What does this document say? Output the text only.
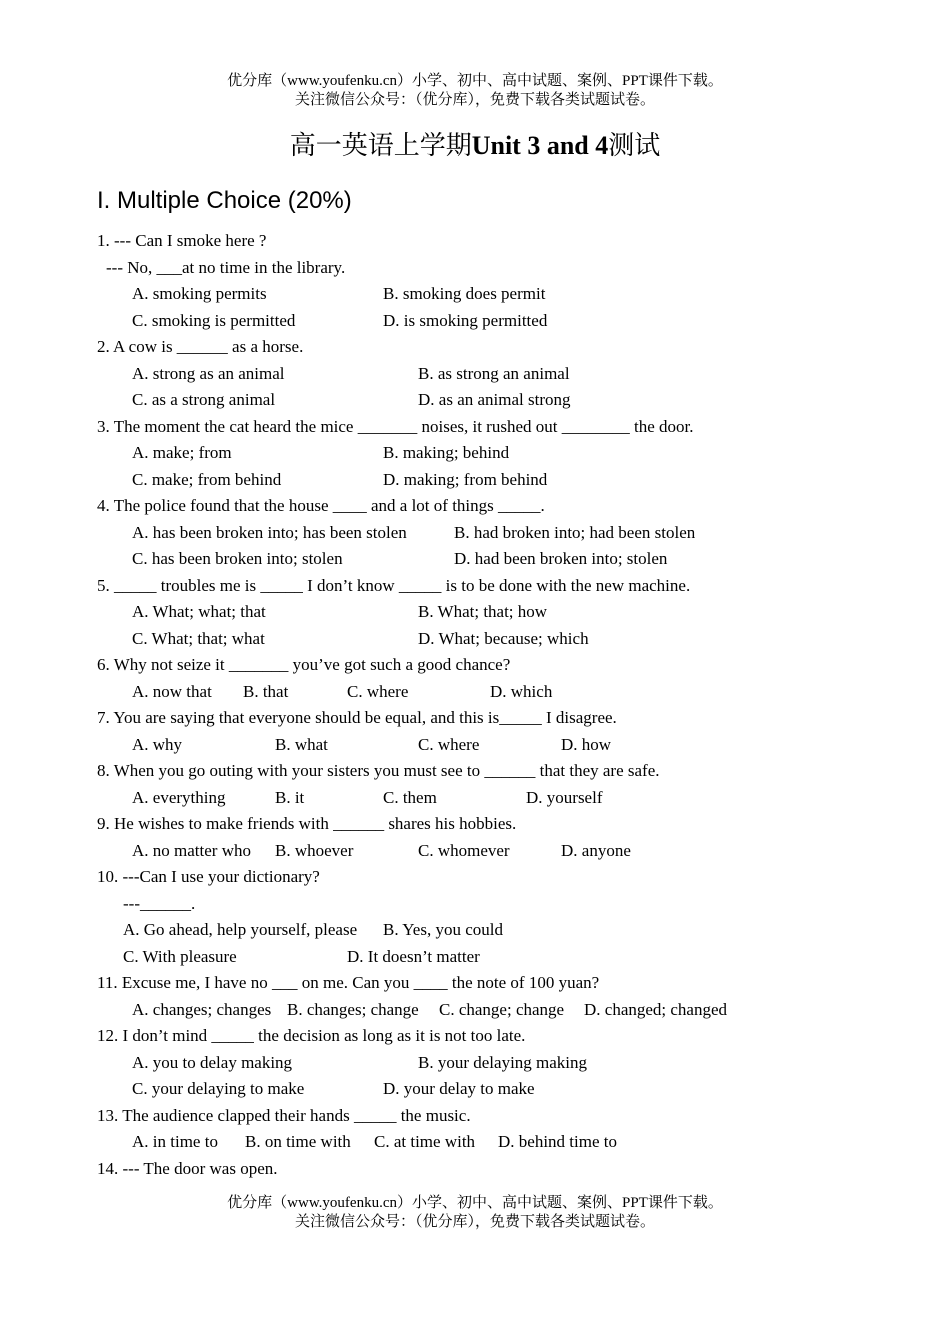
优分库（www.youfenku.cn）小学、初中、高中试题、案例、PPT课件下载。
关注微信公众号：（优分库），免费下载各类试题试卷。
高一英语上学期Unit 3 and 4测试
I. Multiple Choice (20%)
1. --- Can I smoke here ?
--- No, ___at no time in the library.
A. smoking permits	B. smoking does permit
C. smoking is permitted	D. is smoking permitted
2. A cow is ______ as a horse.
A. strong as an animal	B. as strong an animal
C. as a strong animal	D. as an animal strong
3. The moment the cat heard the mice _______ noises, it rushed out ________ the door.
A. make; from	B. making; behind
C. make; from behind	D. making; from behind
4. The police found that the house ____ and a lot of things _____.
A. has been broken into; has been stolen	B. had broken into; had been stolen
C. has been broken into; stolen	D. had been broken into; stolen
5. _____ troubles me is _____ I don’t know _____ is to be done with the new machine.
A. What; what; that	B. What; that; how
C. What; that; what	D. What; because; which
6. Why not seize it _______ you’ve got such a good chance?
A. now that B. that	C. where	D. which
7. You are saying that everyone should be equal, and this is_____ I disagree.
A. why	B. what	C. where	D. how
8. When you go outing with your sisters you must see to ______ that they are safe.
A. everything	B. it	C. them	D. yourself
9. He wishes to make friends with ______ shares his hobbies.
A. no matter who B. whoever	C. whomever	D. anyone
10. ---Can I use your dictionary?
---______.
A. Go ahead, help yourself, please B. Yes, you could
C. With pleasure	D. It doesn’t matter
11. Excuse me, I have no ___ on me. Can you ____ the note of 100 yuan?
A. changes; changes B. changes; change C. change; change D. changed; changed
12. I don’t mind _____ the decision as long as it is not too late.
A. you to delay making	B. your delaying making
C. your delaying to make	D. your delay to make
13. The audience clapped their hands _____ the music.
A. in time to B. on time with C. at time with D. behind time to
14. --- The door was open.
优分库（www.youfenku.cn）小学、初中、高中试题、案例、PPT课件下载。
关注微信公众号：（优分库），免费下载各类试题试卷。
